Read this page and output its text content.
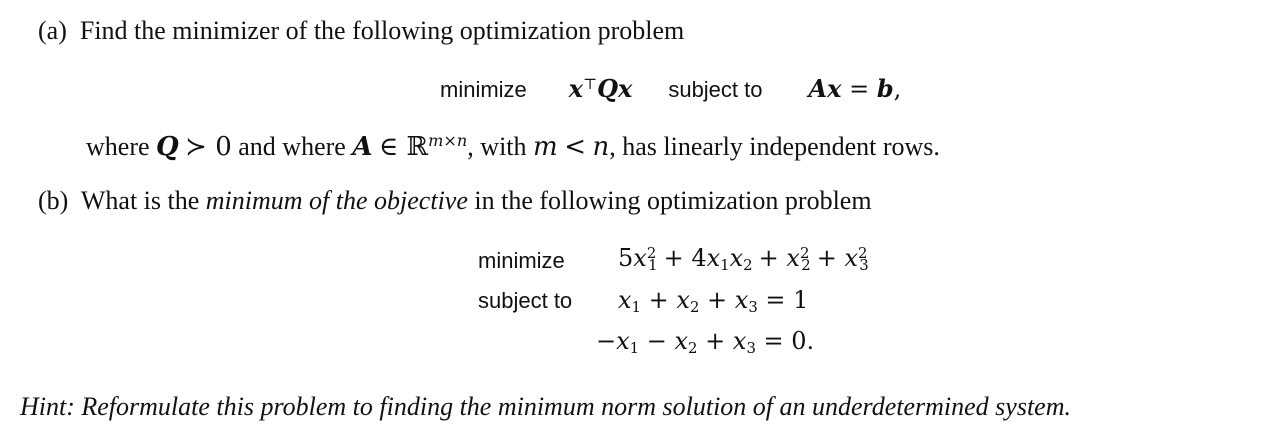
(a) Find the minimizer of the following optimization problem
minimize x⊤Qx subject to Ax = b,
where Q ≻ 0 and where A ∈ ℝ$^{m\times n}$, with m < n, has linearly independent rows.
(b) What is the minimum of the objective in the following optimization problem
minimize $5x^21 + 4x1x2 + x^22 + x^23$
subject to x1 + x2 + x3 = 1
−x1 − x2 + x3 = 0.
Hint: Reformulate this problem to finding the minimum norm solution of an underdetermined system.
